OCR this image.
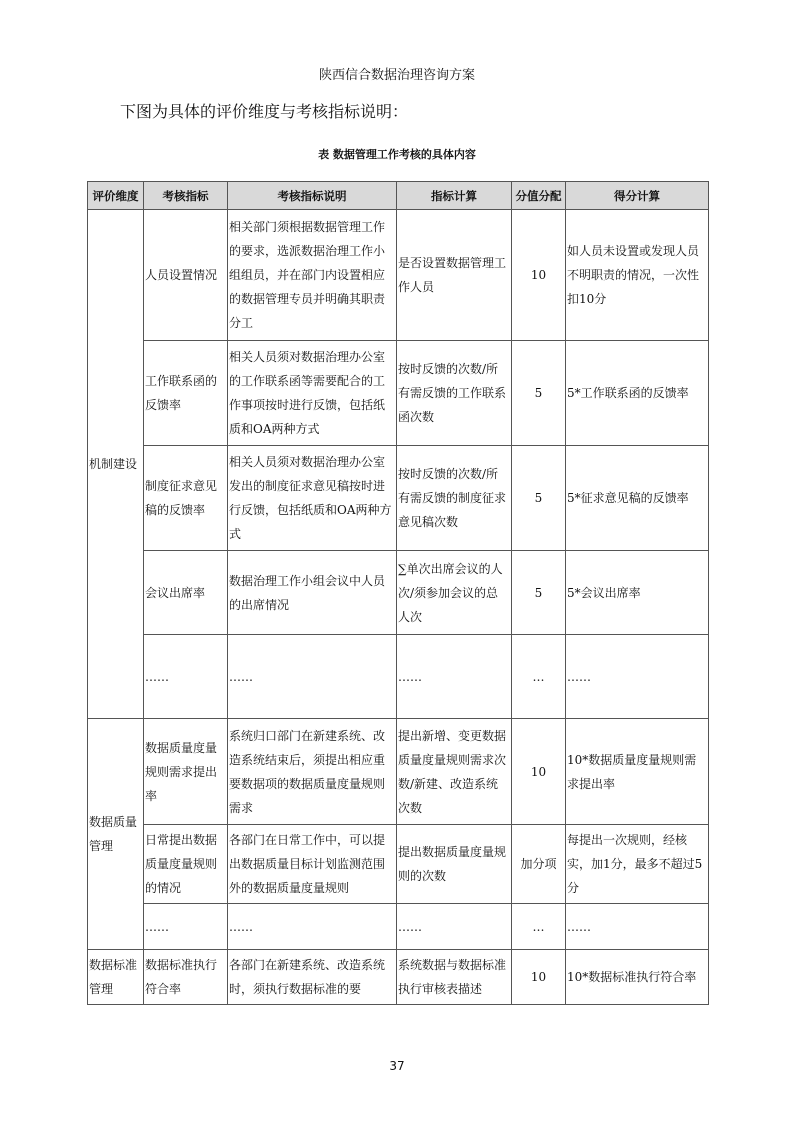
陕西信合数据治理咨询方案
下图为具体的评价维度与考核指标说明：
表 数据管理工作考核的具体内容
评价维度	考核指标	考核指标说明	指标计算	分值分配	得分计算
机制建设	人员设置情况	相关部门须根据数据管理工作的要求，选派数据治理工作小组组员，并在部门内设置相应的数据管理专员并明确其职责分工	是否设置数据管理工作人员	10	如人员未设置或发现人员不明职责的情况，一次性扣10分
	工作联系函的反馈率	相关人员须对数据治理办公室的工作联系函等需要配合的工作事项按时进行反馈，包括纸质和OA两种方式	按时反馈的次数/所有需反馈的工作联系函次数	5	5*工作联系函的反馈率
	制度征求意见稿的反馈率	相关人员须对数据治理办公室发出的制度征求意见稿按时进行反馈，包括纸质和OA两种方式	按时反馈的次数/所有需反馈的制度征求意见稿次数	5	5*征求意见稿的反馈率
	会议出席率	数据治理工作小组会议中人员的出席情况	∑单次出席会议的人次/须参加会议的总人次	5	5*会议出席率
	……	……	……	…	……
数据质量管理	数据质量度量规则需求提出率	系统归口部门在新建系统、改造系统结束后，须提出相应重要数据项的数据质量度量规则需求	提出新增、变更数据质量度量规则需求次数/新建、改造系统次数	10	10*数据质量度量规则需求提出率
	日常提出数据质量度量规则的情况	各部门在日常工作中，可以提出数据质量目标计划监测范围外的数据质量度量规则	提出数据质量度量规则的次数	加分项	每提出一次规则，经核实，加1分，最多不超过5分
	……	……	……	…	……
数据标准管理	数据标准执行符合率	各部门在新建系统、改造系统时，须执行数据标准的要	系统数据与数据标准执行审核表描述	10	10*数据标准执行符合率
37
